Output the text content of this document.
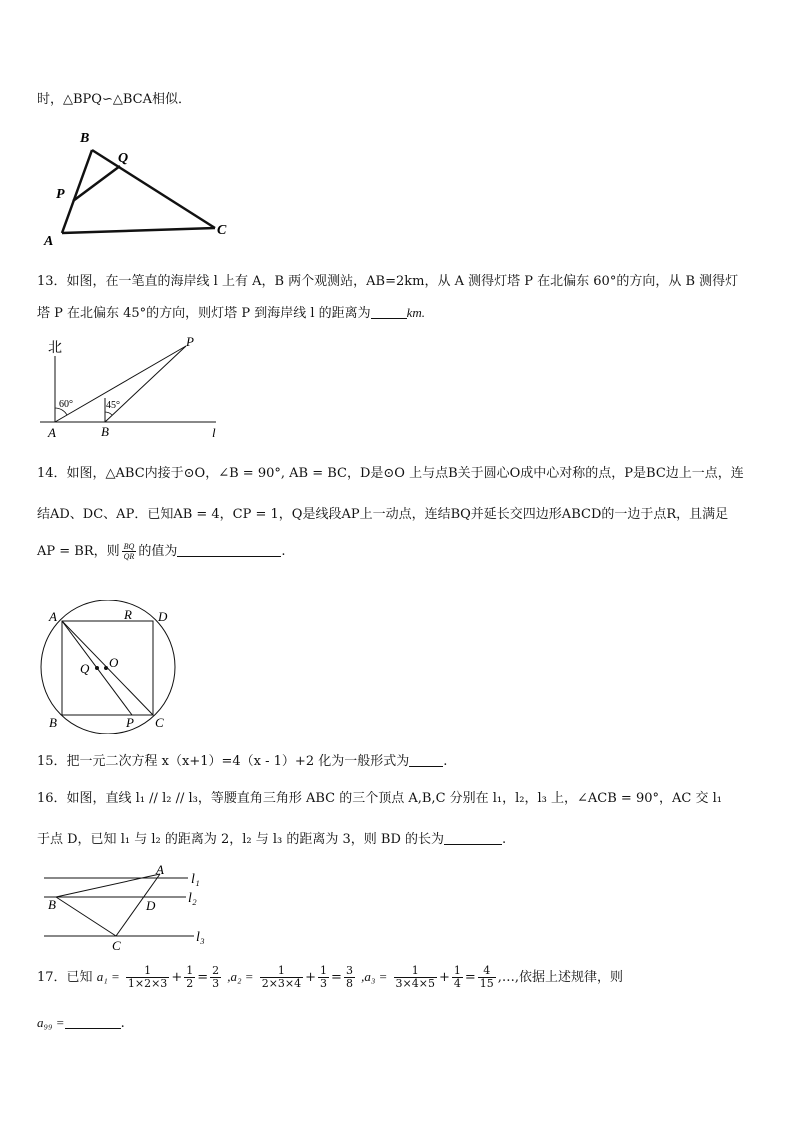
时，△BPQ∽△BCA相似．
B
Q
P
A
C
13．如图，在一笔直的海岸线 l 上有 A，B 两个观测站，AB=2km，从 A 测得灯塔 P 在北偏东 60°的方向，从 B 测得灯
塔 P 在北偏东 45°的方向，则灯塔 P 到海岸线 l 的距离为	km.
北	P
60°	45°
A	B	l
14．如图，△ABC内接于⊙O，∠B = 90°, AB = BC，D是⊙O 上与点B关于圆心O成中心对称的点，P是BC边上一点，连
结AD、DC、AP．已知AB = 4，CP = 1，Q是线段AP上一动点，连结BQ并延长交四边形ABCD的一边于点R，且满足
AP = BR，则 $\frac{BQ}{QR}$ 的值为	.
A	R D
Q O
B	P C
15．把一元二次方程 x（x+1）=4（x - 1）+2 化为一般形式为	.
16．如图，直线 l₁ // l₂ // l₃，等腰直角三角形 ABC 的三个顶点 A,B,C 分别在 l₁，l₂，l₃ 上，∠ACB = 90°，AC 交 l₁
于点 D，已知 l₁ 与 l₂ 的距离为 2，l₂ 与 l₃ 的距离为 3，则 BD 的长为	.
A
B	D
C
l₁
l₂
l₃
17．已知 $a_1 = \frac{1}{1\times 2\times 3} + \frac{1}{2} = \frac{2}{3} ,a_2 = \frac{1}{2\times 3\times 4} + \frac{1}{3} = \frac{3}{8} ,a_3 = \frac{1}{3\times 4\times 5} + \frac{1}{4} = \frac{4}{15}$ ,…,依据上述规律，则
a₉₉ =	.
